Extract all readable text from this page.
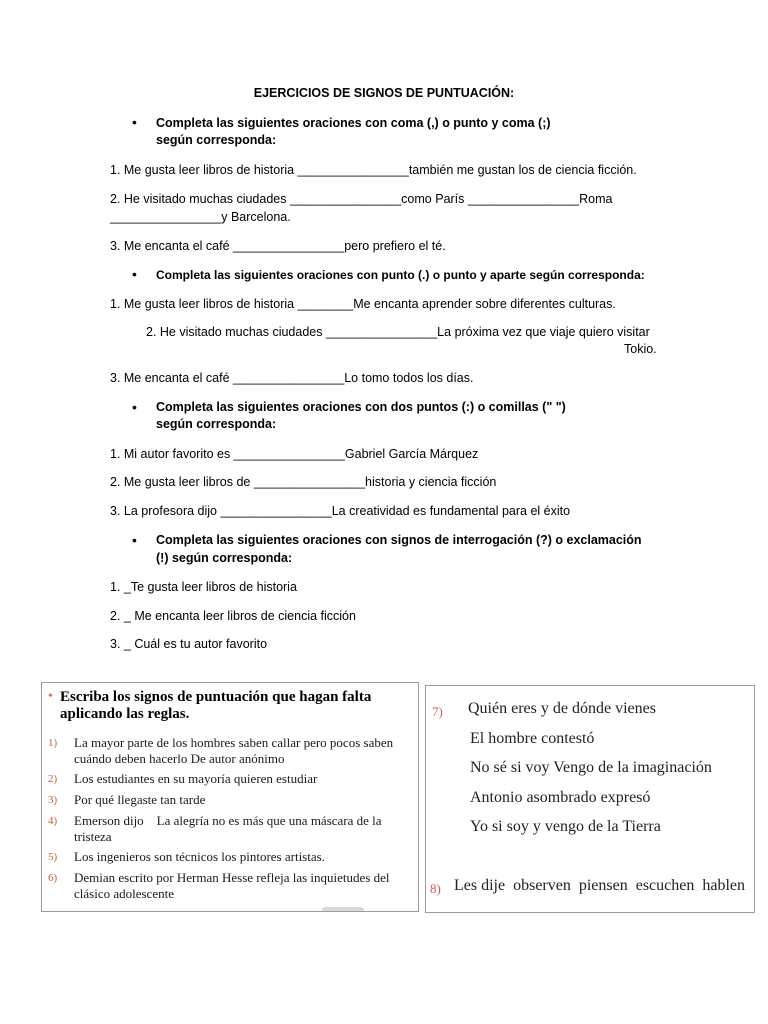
EJERCICIOS DE SIGNOS DE PUNTUACIÓN:
• Completa las siguientes oraciones con coma (,) o punto y coma (;)
según corresponda:
1. Me gusta leer libros de historia ________________también me gustan los de ciencia ficción.
2. He visitado muchas ciudades ________________como París ________________Roma
________________y Barcelona.
3. Me encanta el café ________________pero prefiero el té.
• Completa las siguientes oraciones con punto (.) o punto y aparte según corresponda:
1. Me gusta leer libros de historia ________Me encanta aprender sobre diferentes culturas.
2. He visitado muchas ciudades ________________La próxima vez que viaje quiero visitar
Tokio.
3. Me encanta el café ________________Lo tomo todos los días.
• Completa las siguientes oraciones con dos puntos (:) o comillas (" ")
según corresponda:
1. Mi autor favorito es ________________Gabriel García Márquez
2. Me gusta leer libros de ________________historia y ciencia ficción
3. La profesora dijo ________________La creatividad es fundamental para el éxito
• Completa las siguientes oraciones con signos de interrogación (?) o exclamación
(!) según corresponda:
1. _Te gusta leer libros de historia
2. _ Me encanta leer libros de ciencia ficción
3. _ Cuál es tu autor favorito
• Escriba los signos de puntuación que hagan falta
aplicando las reglas.
1)	La mayor parte de los hombres saben callar pero pocos saben cuándo deben hacerlo De autor anónimo
2)	Los estudiantes en su mayoría quieren estudiar
3)	Por qué llegaste tan tarde
4)	Emerson dijo    La alegría no es más que una máscara de la tristeza
5)	Los ingenieros son técnicos los pintores artistas.
6)	Demian escrito por Herman Hesse refleja las inquietudes del clásico adolescente
7) Quién eres y de dónde vienes
El hombre contestó
No sé si voy Vengo de la imaginación
Antonio asombrado expresó
Yo si soy y vengo de la Tierra
8) Les dije  observen  piensen  escuchen  hablen
